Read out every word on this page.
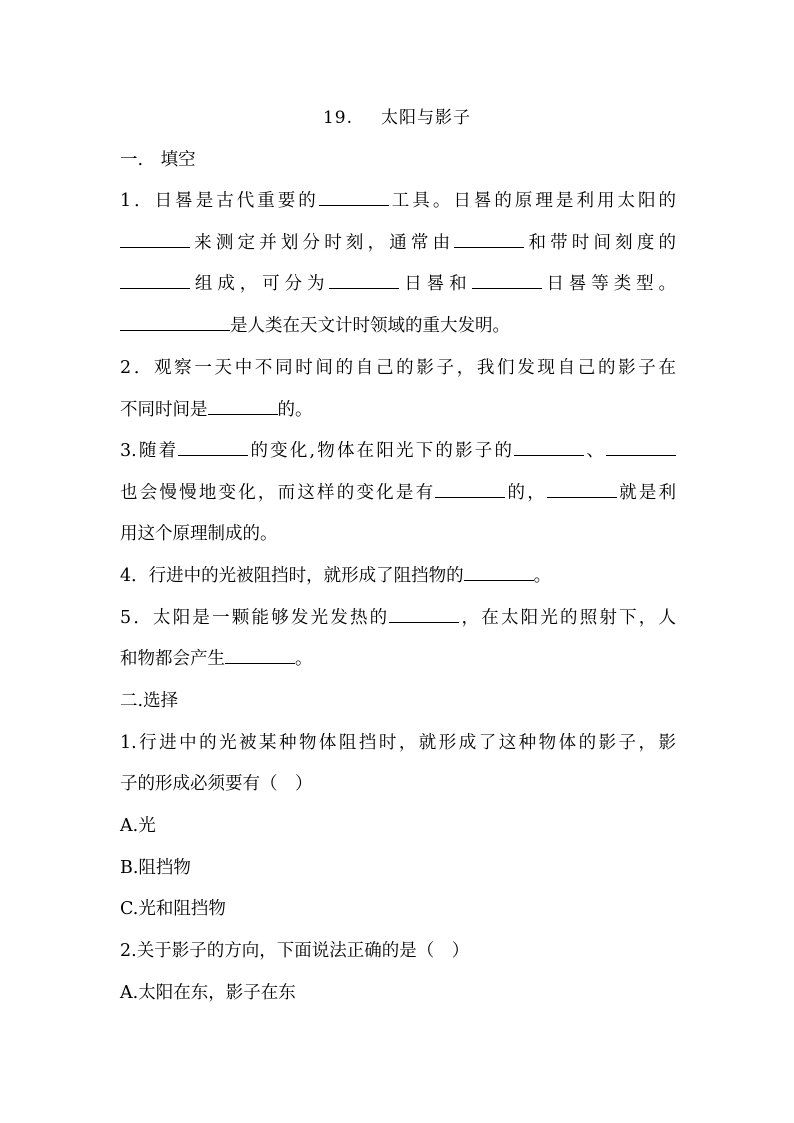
19. 太阳与影子
一.　填空
1．日晷是古代重要的	工具。日晷的原理是利用太阳的
来测定并划分时刻，通常由	和带时间刻度的
组成，可分为	日晷和	日晷等类型。
是人类在天文计时领域的重大发明。
2．观察一天中不同时间的自己的影子，我们发现自己的影子在
不同时间是	的。
3.随着	的变化,物体在阳光下的影子的	、
也会慢慢地变化，而这样的变化是有	的，	就是利
用这个原理制成的。
4．行进中的光被阻挡时，就形成了阻挡物的	。
5．太阳是一颗能够发光发热的	，在太阳光的照射下，人
和物都会产生	。
二.选择
1.行进中的光被某种物体阻挡时，就形成了这种物体的影子，影
子的形成必须要有（　）
A.光
B.阻挡物
C.光和阻挡物
2.关于影子的方向，下面说法正确的是（　）
A.太阳在东，影子在东
